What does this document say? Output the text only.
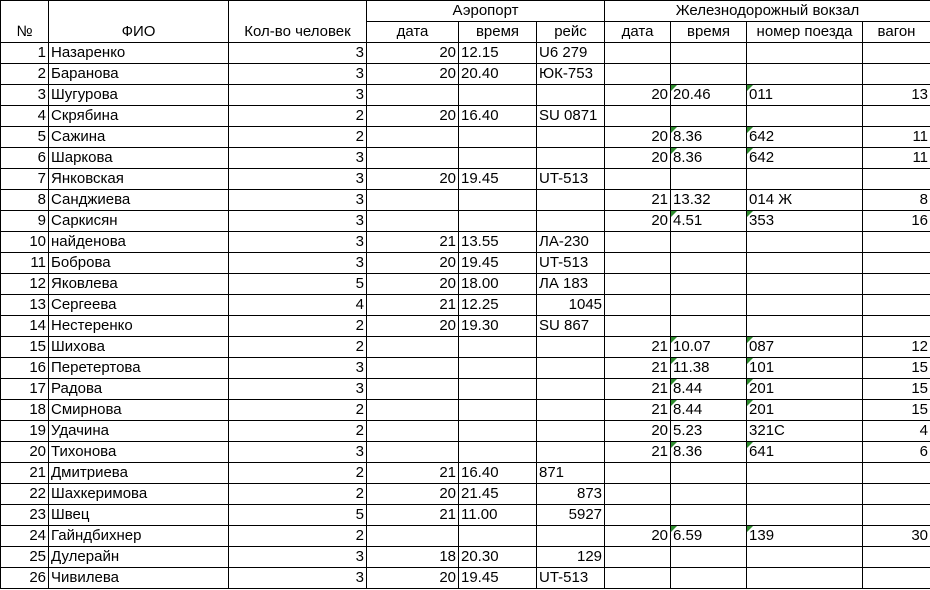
			Аэропорт			Железнодорожный вокзал			
№	ФИО	Кол-во человек	дата	время	рейс	дата	время	номер поезда	вагон
1	Назаренко	3	20	12.15	U6 279				
2	Баранова	3	20	20.40	ЮК-753				
3	Шугурова	3				20	20.46	011	13
4	Скрябина	2	20	16.40	SU 0871				
5	Сажина	2				20	8.36	642	11
6	Шаркова	3				20	8.36	642	11
7	Янковская	3	20	19.45	UT-513				
8	Санджиева	3				21	13.32	014 Ж	8
9	Саркисян	3				20	4.51	353	16
10	найденова	3	21	13.55	ЛА-230				
11	Боброва	3	20	19.45	UT-513				
12	Яковлева	5	20	18.00	ЛА 183				
13	Сергеева	4	21	12.25	1045				
14	Нестеренко	2	20	19.30	SU 867				
15	Шихова	2				21	10.07	087	12
16	Перетертова	3				21	11.38	101	15
17	Радова	3				21	8.44	201	15
18	Смирнова	2				21	8.44	201	15
19	Удачина	2				20	5.23	321С	4
20	Тихонова	3				21	8.36	641	6
21	Дмитриева	2	21	16.40	871				
22	Шахкеримова	2	20	21.45	873				
23	Швец	5	21	11.00	5927				
24	Гайндбихнер	2				20	6.59	139	30
25	Дулерайн	3	18	20.30	129				
26	Чивилева	3	20	19.45	UT-513				
